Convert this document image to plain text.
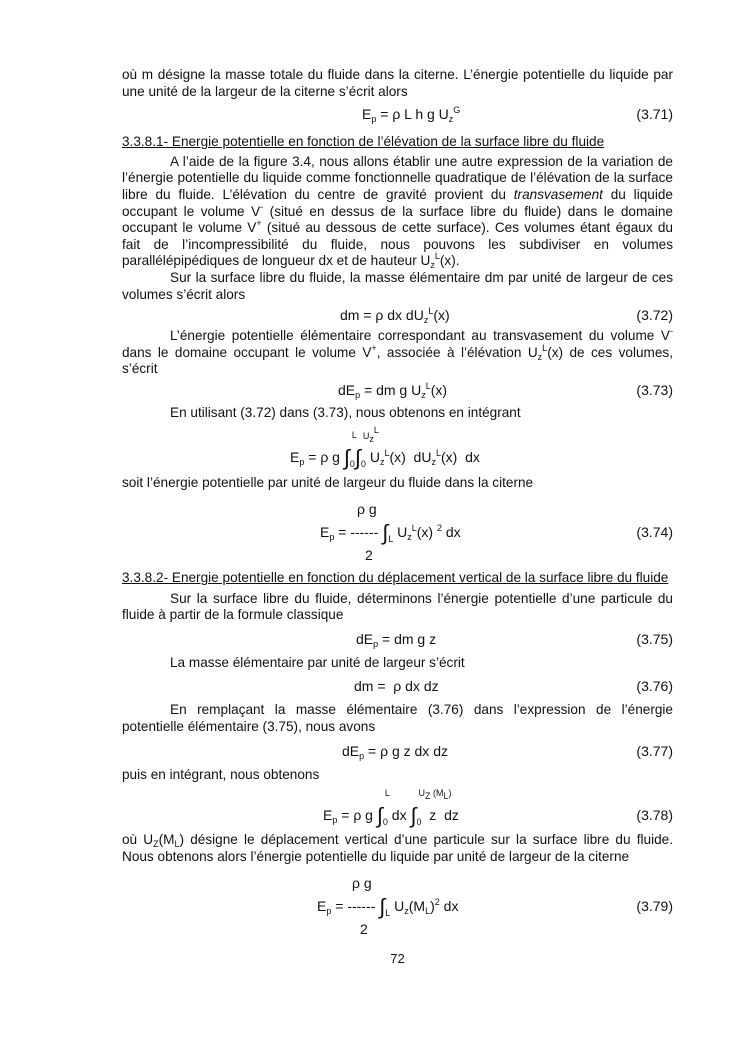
où m désigne la masse totale du fluide dans la citerne. L’énergie potentielle du liquide par une unité de la largeur de la citerne s’écrit alors
$E_p = \rho$ L h g $U_z^G$	(3.71)
3.3.8.1- Energie potentielle en fonction de l’élévation de la surface libre du fluide
A l’aide de la figure 3.4, nous allons établir une autre expression de la variation de l’énergie potentielle du liquide comme fonctionnelle quadratique de l’élévation de la surface libre du fluide. L’élévation du centre de gravité provient du transvasement du liquide occupant le volume V- (situé en dessus de la surface libre du fluide) dans le domaine occupant le volume V+ (situé au dessous de cette surface). Ces volumes étant égaux du fait de l’incompressibilité du fluide, nous pouvons les subdiviser en volumes parallélépipédiques de longueur dx et de hauteur $U_z^L(x)$.
Sur la surface libre du fluide, la masse élémentaire dm par unité de largeur de ces volumes s’écrit alors
dm = ρ dx $dU_z^L(x)$	(3.72)
L’énergie potentielle élémentaire correspondant au transvasement du volume V- dans le domaine occupant le volume V+, associée à l’élévation $U_z^L(x)$ de ces volumes, s’écrit
$dE_p$ = dm g $U_z^L(x)$	(3.73)
En utilisant (3.72) dans (3.73), nous obtenons en intégrant
$E_p = \rho$ g ∫
L
$_0$∫
UzL
$_0$ $U_z^L(x)$  $dU_z^L(x)$  dx
soit l’énergie potentielle par unité de largeur du fluide dans la citerne
ρ g
$E_p$ = ------ ∫
$_L$ $U_z^L(x)$ $^2$ dx	(3.74)
2
3.3.8.2- Energie potentielle en fonction du déplacement vertical de la surface libre du fluide
Sur la surface libre du fluide, déterminons l’énergie potentielle d’une particule du fluide à partir de la formule classique
$dE_p$ = dm g z	(3.75)
La masse élémentaire par unité de largeur s’écrit
dm =  ρ dx dz	(3.76)
En remplaçant la masse élémentaire (3.76) dans l’expression de l’énergie potentielle élémentaire (3.75), nous avons
$dE_p = \rho$ g z dx dz	(3.77)
puis en intégrant, nous obtenons
$E_p = \rho$ g ∫
L
$_0$ dx ∫
UZ (ML)
$_0$  z  dz	(3.78)
où $U_Z(M_L)$ désigne le déplacement vertical d’une particule sur la surface libre du fluide. Nous obtenons alors l’énergie potentielle du liquide par unité de largeur de la citerne
ρ g
$E_p$ = ------ ∫
$_L$ $U_z(M_L)^2$ dx	(3.79)
2
72
